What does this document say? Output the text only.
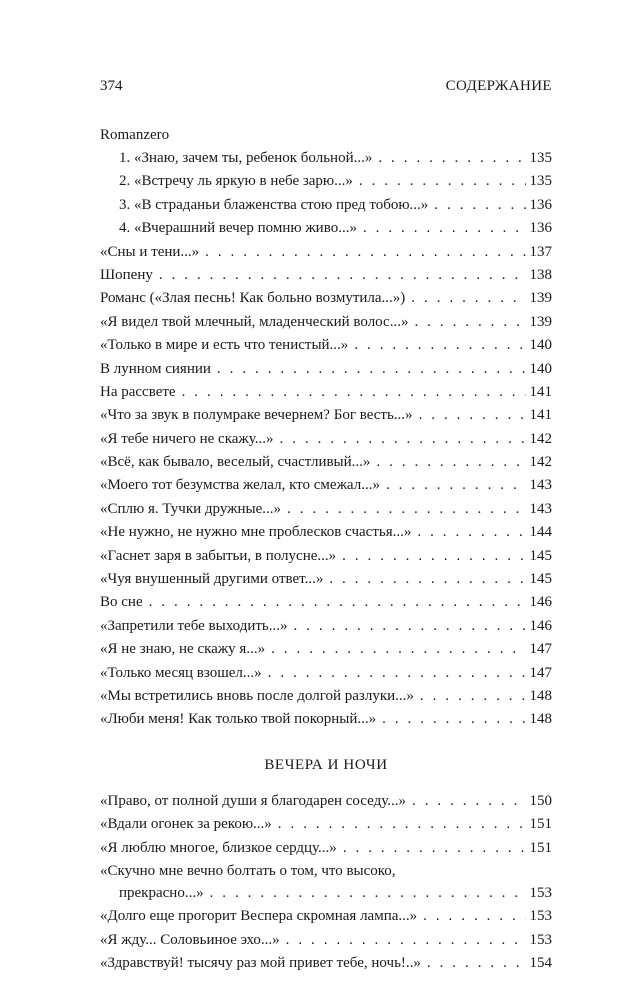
374	СОДЕРЖАНИЕ
Romanzero
1. «Знаю, зачем ты, ребенок больной...» . . .	135
2. «Встречу ль яркую в небе зарю...» . . .	135
3. «В страданьи блаженства стою пред тобою...» . . .	136
4. «Вчерашний вечер помню живо...» . . .	136
«Сны и тени...» . . .	137
Шопену . . .	138
Романс («Злая песнь! Как больно возмутила...») . . .	139
«Я видел твой млечный, младенческий волос...» . . .	139
«Только в мире и есть что тенистый...» . . .	140
В лунном сиянии . . .	140
На рассвете . . .	141
«Что за звук в полумраке вечернем? Бог весть...» . . .	141
«Я тебе ничего не скажу...» . . .	142
«Всё, как бывало, веселый, счастливый...» . . .	142
«Моего тот безумства желал, кто смежал...» . . .	143
«Сплю я. Тучки дружные...» . . .	143
«Не нужно, не нужно мне проблесков счастья...» . . .	144
«Гаснет заря в забытьи, в полусне...» . . .	145
«Чуя внушенный другими ответ...» . . .	145
Во сне . . .	146
«Запретили тебе выходить...» . . .	146
«Я не знаю, не скажу я...» . . .	147
«Только месяц взошел...» . . .	147
«Мы встретились вновь после долгой разлуки...» . . .	148
«Люби меня! Как только твой покорный...» . . .	148
ВЕЧЕРА И НОЧИ
«Право, от полной души я благодарен соседу...» . . .	150
«Вдали огонек за рекою...» . . .	151
«Я люблю многое, близкое сердцу...» . . .	151
«Скучно мне вечно болтать о том, что высоко,
прекрасно...» . . .	153
«Долго еще прогорит Веспера скромная лампа...» . . .	153
«Я жду... Соловьиное эхо...» . . .	153
«Здравствуй! тысячу раз мой привет тебе, ночь!..» . . .	154
